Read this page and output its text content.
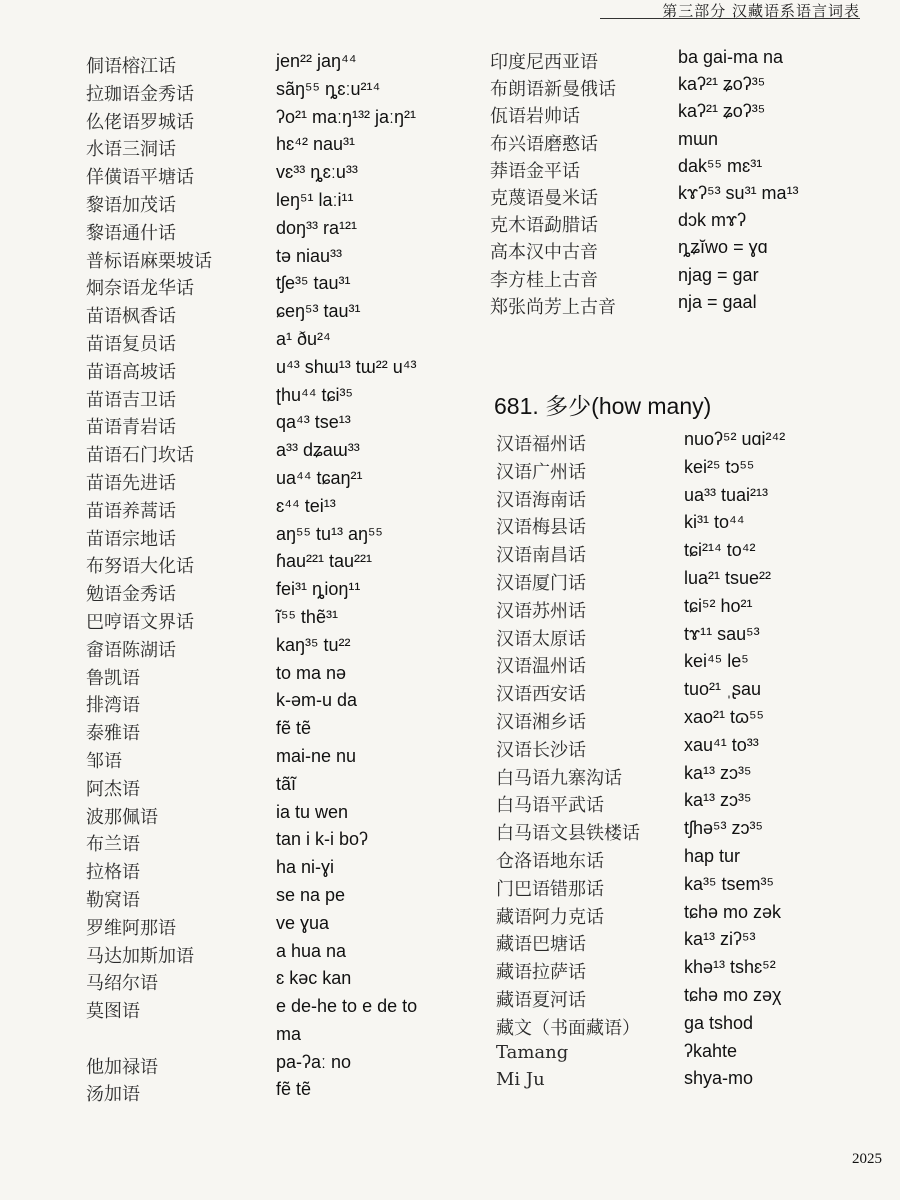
第三部分 汉藏语系语言词表
侗语榕江话	jen²² jaŋ⁴⁴
拉珈语金秀话	sãŋ⁵⁵ ȵɛːu²¹⁴
仫佬语罗城话	ʔo²¹ maːŋ¹³² jaːŋ²¹
水语三洞话	hɛ⁴² nau³¹
佯僙语平塘话	vɛ³³ ȵɛːu³³
黎语加茂话	leŋ⁵¹ laːi¹¹
黎语通什话	doŋ³³ ra¹²¹
普标语麻栗坡话	tə niau³³
炯奈语龙华话	tʃe³⁵ tau³¹
苗语枫香话	ɕeŋ⁵³ tau³¹
苗语复员话	a¹ ðu²⁴
苗语高坡话	u⁴³ shɯ¹³ tɯ²² u⁴³
苗语吉卫话	ʈhu⁴⁴ tɕi³⁵
苗语青岩话	qa⁴³ tse¹³
苗语石门坎话	a³³ dʑaɯ³³
苗语先进话	ua⁴⁴ tɕaŋ²¹
苗语养蒿话	ɛ⁴⁴ tei¹³
苗语宗地话	aŋ⁵⁵ tu¹³ aŋ⁵⁵
布努语大化话	ɦau²²¹ tau²²¹
勉语金秀话	fei³¹ ȵioŋ¹¹
巴哼语文界话	ĩ⁵⁵ thẽ³¹
畲语陈湖话	kaŋ³⁵ tu²²
鲁凯语	to ma nə
排湾语	k-əm-u da
泰雅语	fẽ tẽ
邹语	mai-ne nu
阿杰语	tãĩ
波那佩语	ia tu wen
布兰语	tan i k-i boʔ
拉格语	ha ni-ɣi
勒窝语	se na pe
罗维阿那语	ve ɣua
马达加斯加语	a hua na
马绍尔语	ɛ kəc kan
莫图语	e de-he to e de to
ma
他加禄语	pa-ʔaː no
汤加语	fẽ tẽ
印度尼西亚语	ba gai-ma na
布朗语新曼俄话	kaʔ²¹ ʑoʔ³⁵
佤语岩帅话	kaʔ²¹ ʑoʔ³⁵
布兴语磨憨话	mɯn
莽语金平话	dak⁵⁵ mɛ³¹
克蔑语曼米话	kɤʔ⁵³ su³¹ ma¹³
克木语勐腊话	dɔk mɤʔ
高本汉中古音	ȵʑĭwo = ɣɑ
李方桂上古音	njag = gar
郑张尚芳上古音	nja = gaal
681. 多少(how many)
汉语福州话	nuoʔ⁵² uɑi²⁴²
汉语广州话	kei²⁵ tɔ⁵⁵
汉语海南话	ua³³ tuai²¹³
汉语梅县话	ki³¹ to⁴⁴
汉语南昌话	tɕi²¹⁴ to⁴²
汉语厦门话	lua²¹ tsue²²
汉语苏州话	tɕi⁵² ho²¹
汉语太原话	tɤ¹¹ sau⁵³
汉语温州话	kei⁴⁵ le⁵
汉语西安话	tuo²¹ ˌʂau
汉语湘乡话	xao²¹ tɷ⁵⁵
汉语长沙话	xau⁴¹ to³³
白马语九寨沟话	ka¹³ zɔ³⁵
白马语平武话	ka¹³ zɔ³⁵
白马语文县铁楼话 tʃhə⁵³ zɔ³⁵
仓洛语地东话	hap tur
门巴语错那话	ka³⁵ tsem³⁵
藏语阿力克话	tɕhə mo zək
藏语巴塘话	ka¹³ ziʔ⁵³
藏语拉萨话	khə¹³ tshɛ⁵²
藏语夏河话	tɕhə mo zəχ
藏文（书面藏语） ga tshod
Tamang	ʔkahte
Mi Ju	shya-mo
2025
